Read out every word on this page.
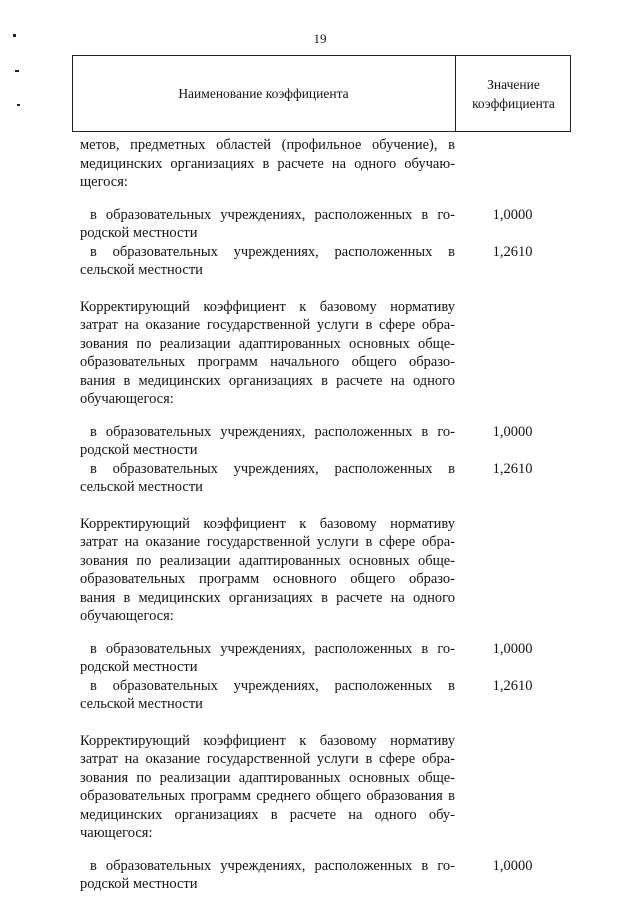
19
Наименование коэффициента
Значение
коэффициента
метов, предметных областей (профильное обучение), в
медицинских организациях в расчете на одного обучаю-
щегося:
в образовательных учреждениях, расположенных в го-
родской местности
1,0000
в образовательных учреждениях, расположенных в
сельской местности
1,2610
Корректирующий коэффициент к базовому нормативу
затрат на оказание государственной услуги в сфере обра-
зования по реализации адаптированных основных обще-
образовательных программ начального общего образо-
вания в медицинских организациях в расчете на одного
обучающегося:
в образовательных учреждениях, расположенных в го-
родской местности
1,0000
в образовательных учреждениях, расположенных в
сельской местности
1,2610
Корректирующий коэффициент к базовому нормативу
затрат на оказание государственной услуги в сфере обра-
зования по реализации адаптированных основных обще-
образовательных программ основного общего образо-
вания в медицинских организациях в расчете на одного
обучающегося:
в образовательных учреждениях, расположенных в го-
родской местности
1,0000
в образовательных учреждениях, расположенных в
сельской местности
1,2610
Корректирующий коэффициент к базовому нормативу
затрат на оказание государственной услуги в сфере обра-
зования по реализации адаптированных основных обще-
образовательных программ среднего общего образования в
медицинских организациях в расчете на одного обу-
чающегося:
в образовательных учреждениях, расположенных в го-
родской местности
1,0000
